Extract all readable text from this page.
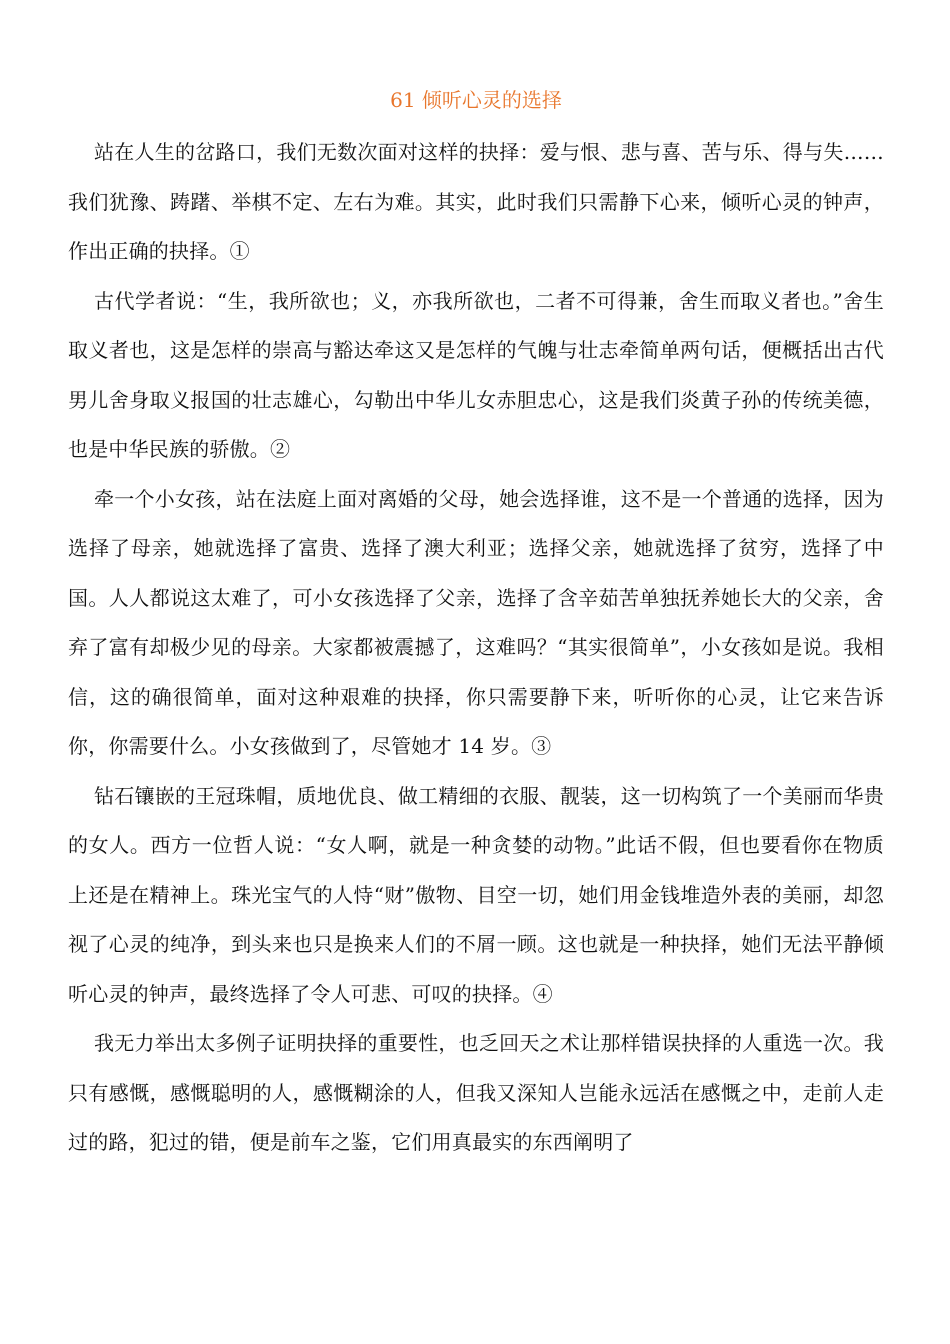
61 倾听心灵的选择

站在人生的岔路口，我们无数次面对这样的抉择：爱与恨、悲与喜、苦与乐、得与失……我们犹豫、踌躇、举棋不定、左右为难。其实，此时我们只需静下心来，倾听心灵的钟声，作出正确的抉择。①

古代学者说：“生，我所欲也；义，亦我所欲也，二者不可得兼，舍生而取义者也。”舍生取义者也，这是怎样的崇高与豁达牵这又是怎样的气魄与壮志牵简单两句话，便概括出古代男儿舍身取义报国的壮志雄心，勾勒出中华儿女赤胆忠心，这是我们炎黄子孙的传统美德，也是中华民族的骄傲。②

牵一个小女孩，站在法庭上面对离婚的父母，她会选择谁，这不是一个普通的选择，因为选择了母亲，她就选择了富贵、选择了澳大利亚；选择父亲，她就选择了贫穷，选择了中国。人人都说这太难了，可小女孩选择了父亲，选择了含辛茹苦单独抚养她长大的父亲，舍弃了富有却极少见的母亲。大家都被震撼了，这难吗？“其实很简单”，小女孩如是说。我相信，这的确很简单，面对这种艰难的抉择，你只需要静下来，听听你的心灵，让它来告诉你，你需要什么。小女孩做到了，尽管她才 14 岁。③

钻石镶嵌的王冠珠帽，质地优良、做工精细的衣服、靓装，这一切构筑了一个美丽而华贵的女人。西方一位哲人说：“女人啊，就是一种贪婪的动物。”此话不假，但也要看你在物质上还是在精神上。珠光宝气的人恃“财”傲物、目空一切，她们用金钱堆造外表的美丽，却忽视了心灵的纯净，到头来也只是换来人们的不屑一顾。这也就是一种抉择，她们无法平静倾听心灵的钟声，最终选择了令人可悲、可叹的抉择。④

我无力举出太多例子证明抉择的重要性，也乏回天之术让那样错误抉择的人重选一次。我只有感慨，感慨聪明的人，感慨糊涂的人，但我又深知人岂能永远活在感慨之中，走前人走过的路，犯过的错，便是前车之鉴，它们用真最实的东西阐明了
